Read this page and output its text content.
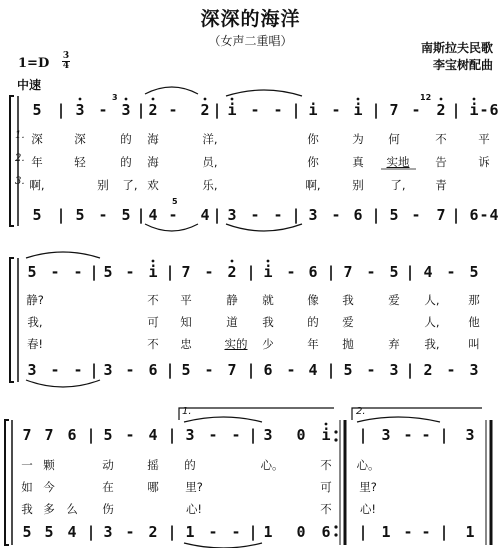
深深的海洋
（女声二重唱）
1=D 3
4
中速
南斯拉夫民歌
李宝树配曲
5 | 3 - 3 | 2 - 2 | i - - | i - i | 7 - 2 | i - 6
3	12
1.
2.
3.
深	深	的 海	洋,	你	为 何	不	平
年	轻	的 海	员,	你	真 实地 告	诉
啊,	别 了, 欢	乐,	啊,	别 了,	青
5 | 5 - 5 | 4 - 4 | 3 - - | 3 - 6 | 5 - 7 | 6 - 4
5
5 - - | 5 - i | 7 - 2 | i - 6 | 7 - 5 | 4 - 5
静?	不 平	静 就	像 我	爱 人, 那
我,	可 知	道 我	的 爱	人, 他
春!	不 忠	实的 少	年 抛	弃 我, 叫
3 - - | 3 - 6 | 5 - 7 | 6 - 4 | 5 - 3 | 2 - 3
1.	2.
7 7 6 | 5 - 4 | 3 - - | 3 0 i | 3 - - | 3
一 颗	动	摇 的	心。	不 心。
如 今	在	哪 里?	可 里?
我 多 么 伤	心!	不 心!
5 5 4 | 3 - 2 | 1 - - | 1 0 6 | 1 - - | 1
